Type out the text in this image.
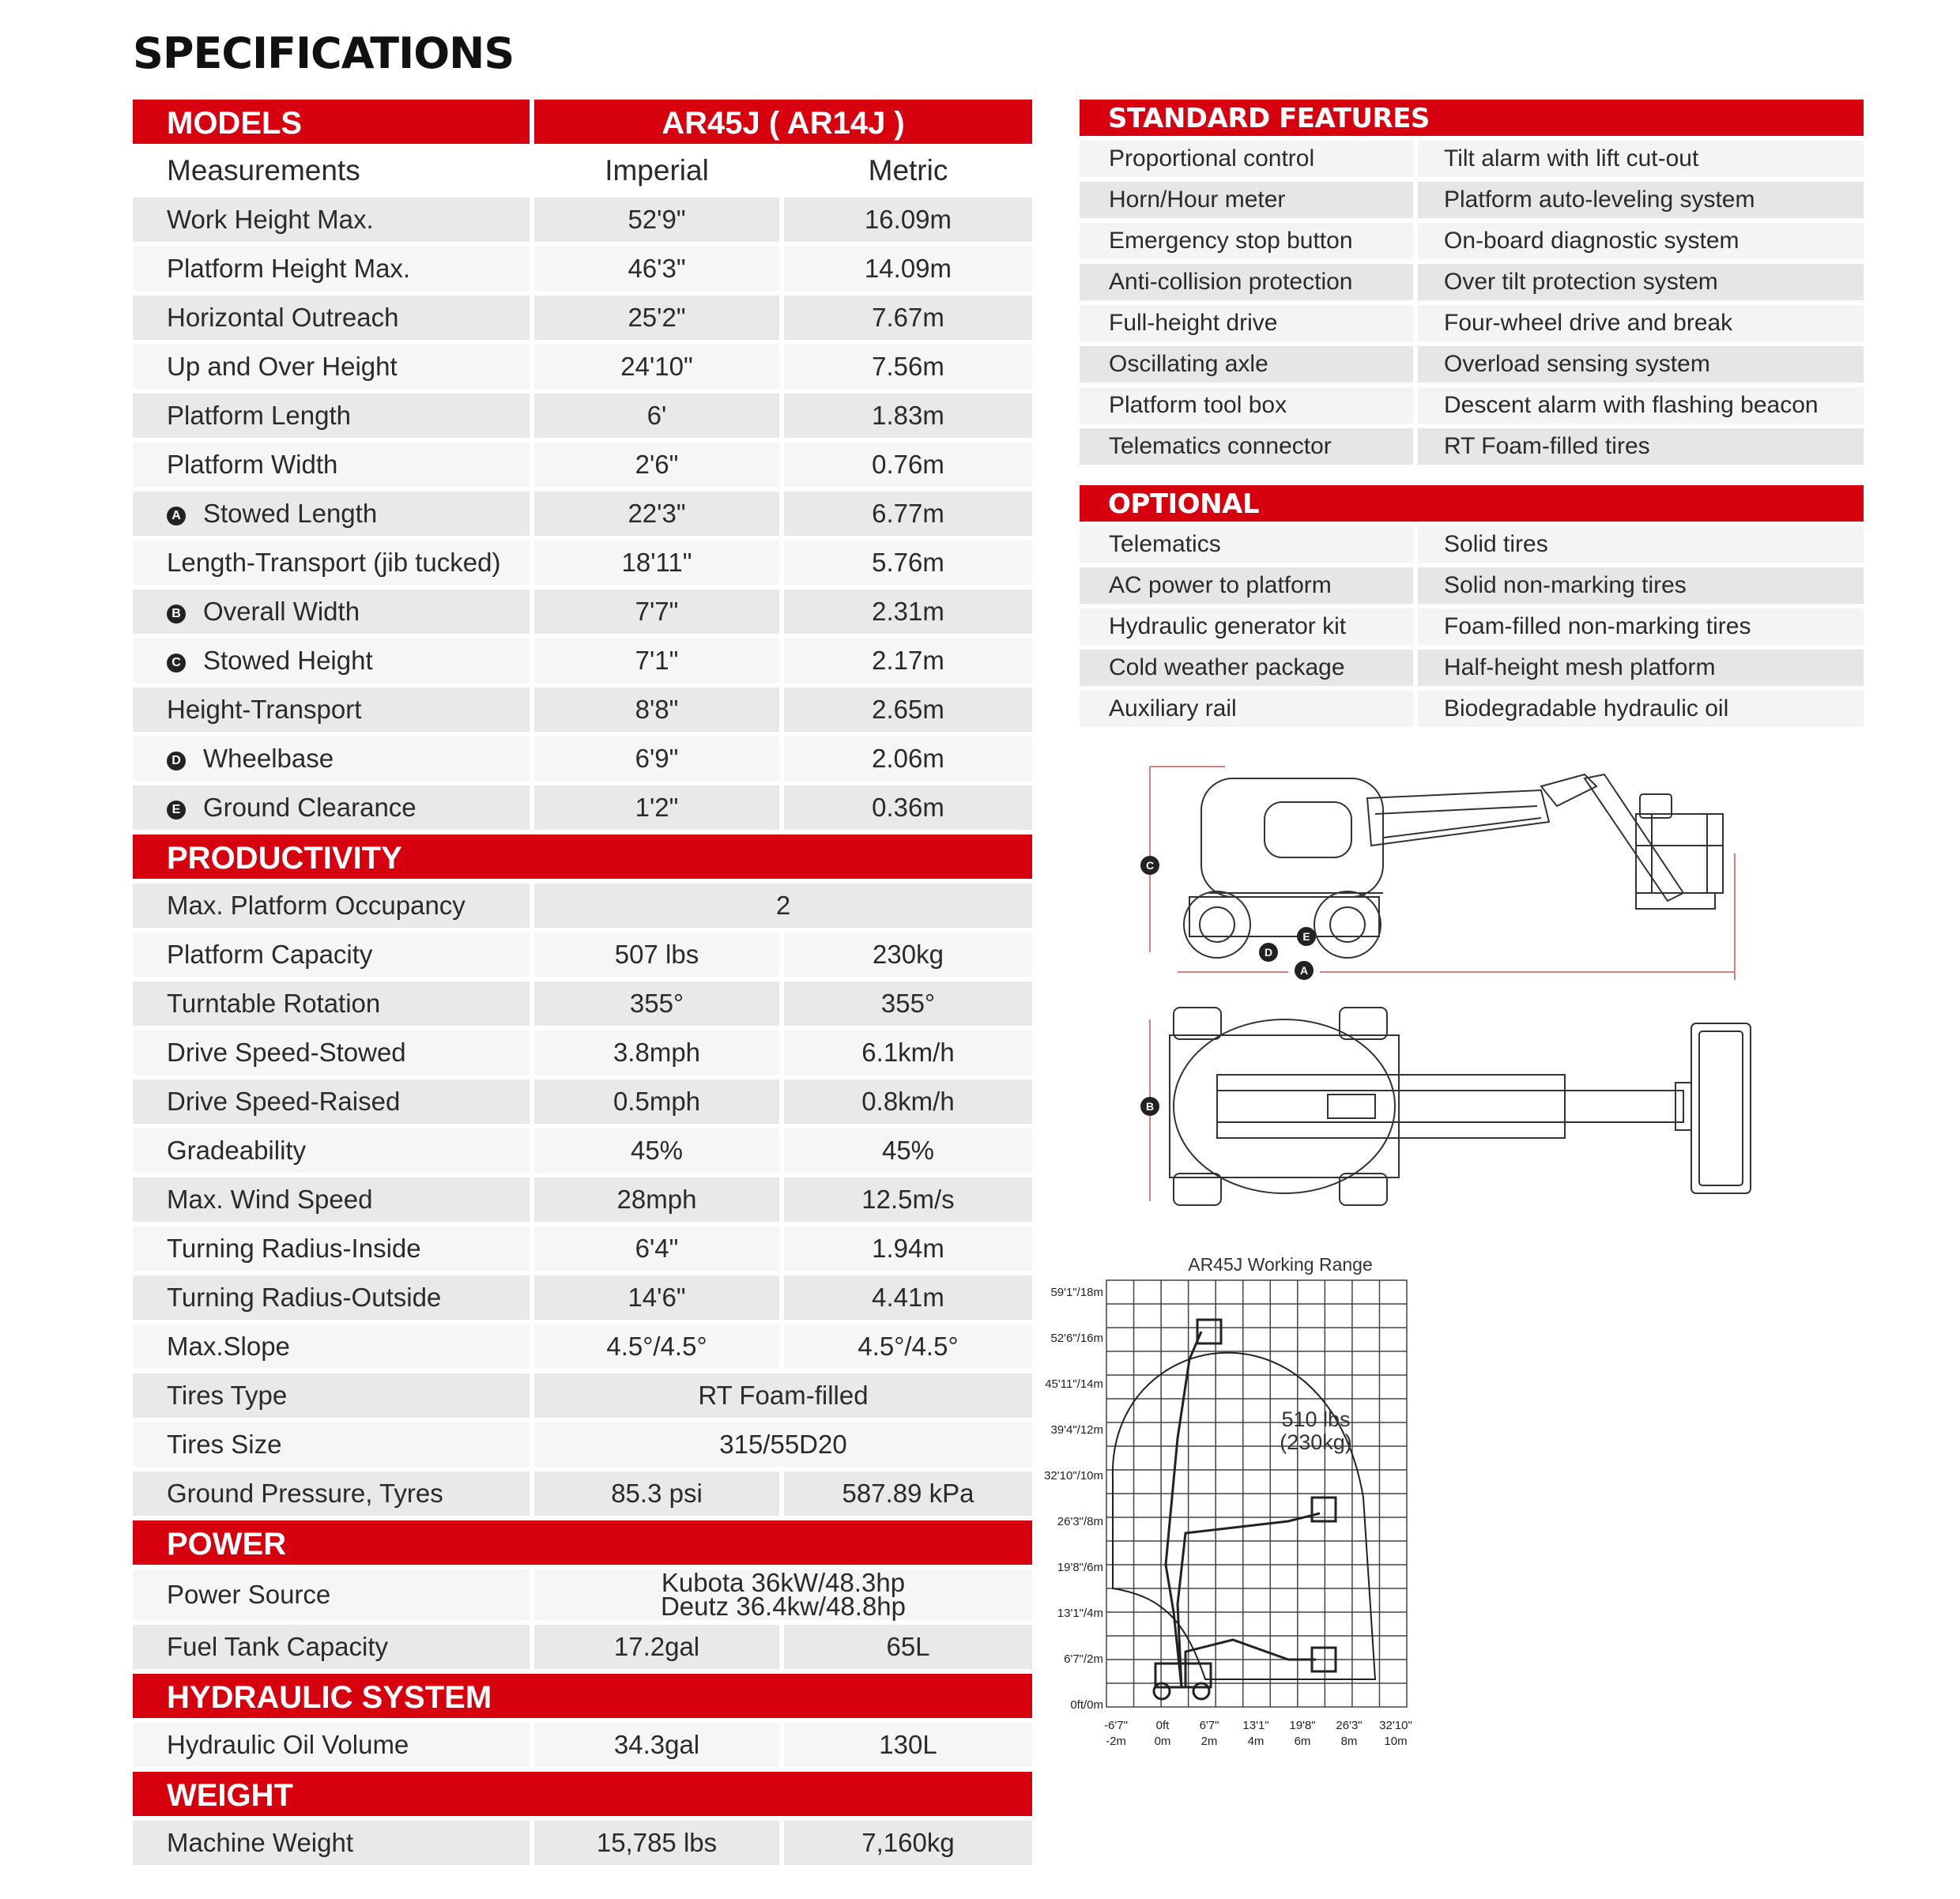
SPECIFICATIONS
MODELS	AR45J ( AR14J )
Measurements	Imperial	Metric
Work Height Max.	52'9"	16.09m
Platform Height Max.	46'3"	14.09m
Horizontal Outreach	25'2"	7.67m
Up and Over Height	24'10"	7.56m
Platform Length	6'	1.83m
Platform Width	2'6"	0.76m
A Stowed Length	22'3"	6.77m
Length-Transport (jib tucked)	18'11"	5.76m
B Overall Width	7'7"	2.31m
C Stowed Height	7'1"	2.17m
Height-Transport	8'8"	2.65m
D Wheelbase	6'9"	2.06m
E Ground Clearance	1'2"	0.36m
PRODUCTIVITY
Max. Platform Occupancy	2
Platform Capacity	507 lbs	230kg
Turntable Rotation	355°	355°
Drive Speed-Stowed	3.8mph	6.1km/h
Drive Speed-Raised	0.5mph	0.8km/h
Gradeability	45%	45%
Max. Wind Speed	28mph	12.5m/s
Turning Radius-Inside	6'4"	1.94m
Turning Radius-Outside	14'6"	4.41m
Max.Slope	4.5°/4.5°	4.5°/4.5°
Tires Type	RT Foam-filled
Tires Size	315/55D20
Ground Pressure, Tyres	85.3 psi	587.89 kPa
POWER
Power Source	Kubota 36kW/48.3hp
Deutz 36.4kw/48.8hp
Fuel Tank Capacity	17.2gal	65L
HYDRAULIC SYSTEM
Hydraulic Oil Volume	34.3gal	130L
WEIGHT
Machine Weight	15,785 lbs	7,160kg
STANDARD FEATURES
Proportional control	Tilt alarm with lift cut-out
Horn/Hour meter	Platform auto-leveling system
Emergency stop button	On-board diagnostic system
Anti-collision protection	Over tilt protection system
Full-height drive	Four-wheel drive and break
Oscillating axle	Overload sensing system
Platform tool box	Descent alarm with flashing beacon
Telematics connector	RT Foam-filled tires
OPTIONAL
Telematics	Solid tires
AC power to platform	Solid non-marking tires
Hydraulic generator kit	Foam-filled non-marking tires
Cold weather package	Half-height mesh platform
Auxiliary rail	Biodegradable hydraulic oil
C
D
E
A
B
AR45J Working Range
59'1"/18m
52'6"/16m
45'11"/14m
39'4"/12m
32'10"/10m
26'3"/8m
19'8"/6m
13'1"/4m
6'7"/2m
0ft/0m
-6'7"
-2m
0ft
0m
6'7"
2m
13'1"
4m
19'8"
6m
26'3"
8m
32'10"
10m
510 lbs
(230kg)
